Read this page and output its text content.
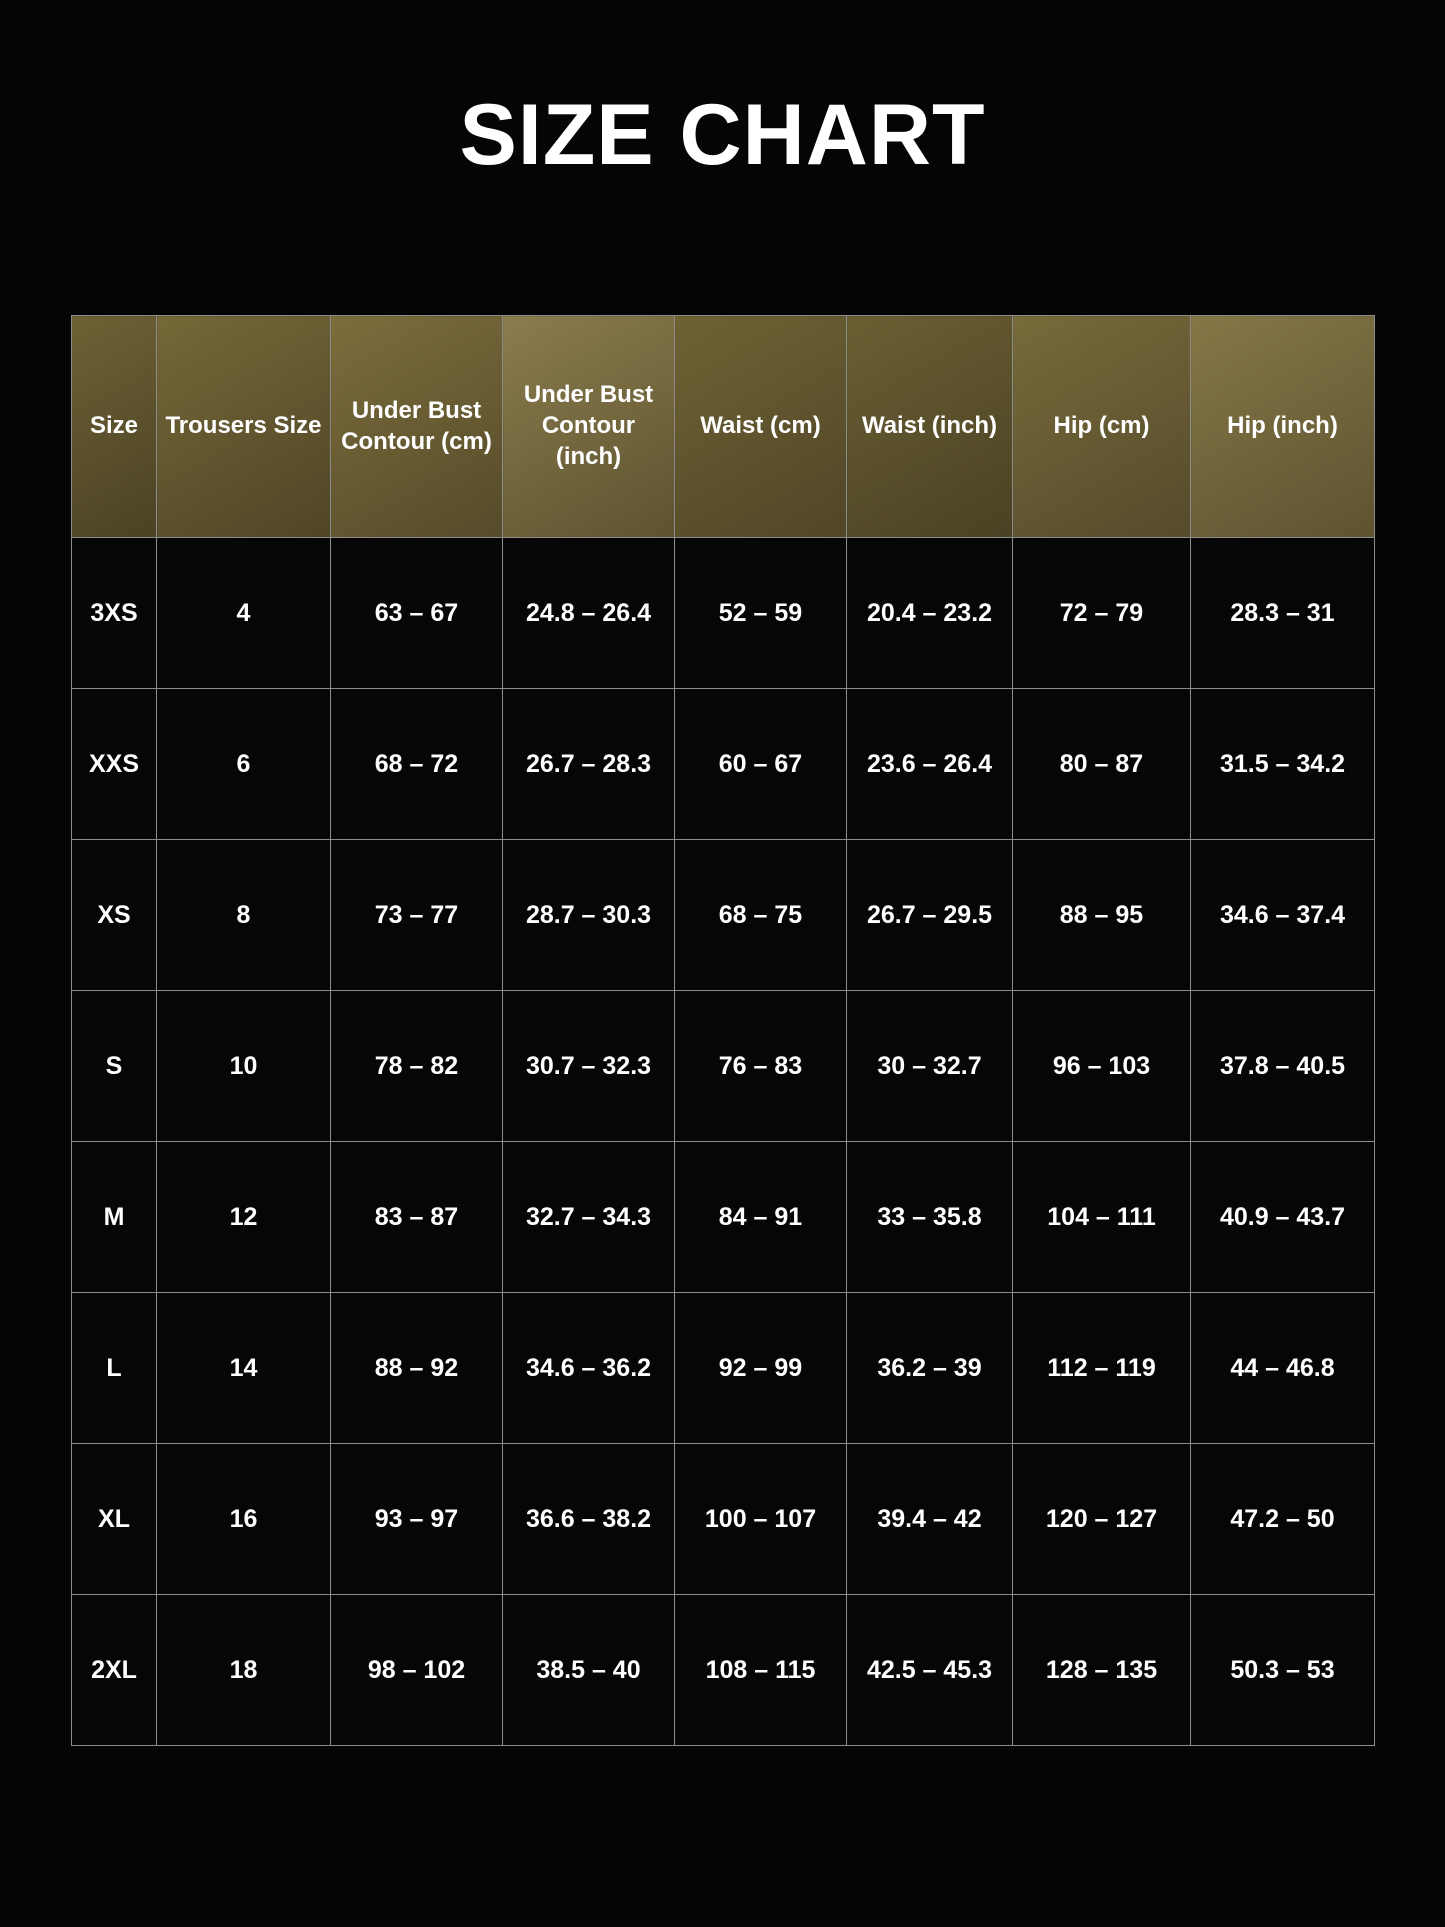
SIZE CHART
Size	Trousers Size	Under Bust Contour (cm)	Under Bust Contour (inch)	Waist (cm)	Waist (inch)	Hip (cm)	Hip (inch)
3XS	4	63 – 67	24.8 – 26.4	52 – 59	20.4 – 23.2	72 – 79	28.3 – 31
XXS	6	68 – 72	26.7 – 28.3	60 – 67	23.6 – 26.4	80 – 87	31.5 – 34.2
XS	8	73 – 77	28.7 – 30.3	68 – 75	26.7 – 29.5	88 – 95	34.6 – 37.4
S	10	78 – 82	30.7 – 32.3	76 – 83	30 – 32.7	96 – 103	37.8 – 40.5
M	12	83 – 87	32.7 – 34.3	84 – 91	33 – 35.8	104 – 111	40.9 – 43.7
L	14	88 – 92	34.6 – 36.2	92 – 99	36.2 – 39	112 – 119	44 – 46.8
XL	16	93 – 97	36.6 – 38.2	100 – 107	39.4 – 42	120 – 127	47.2 – 50
2XL	18	98 – 102	38.5 – 40	108 – 115	42.5 – 45.3	128 – 135	50.3 – 53
